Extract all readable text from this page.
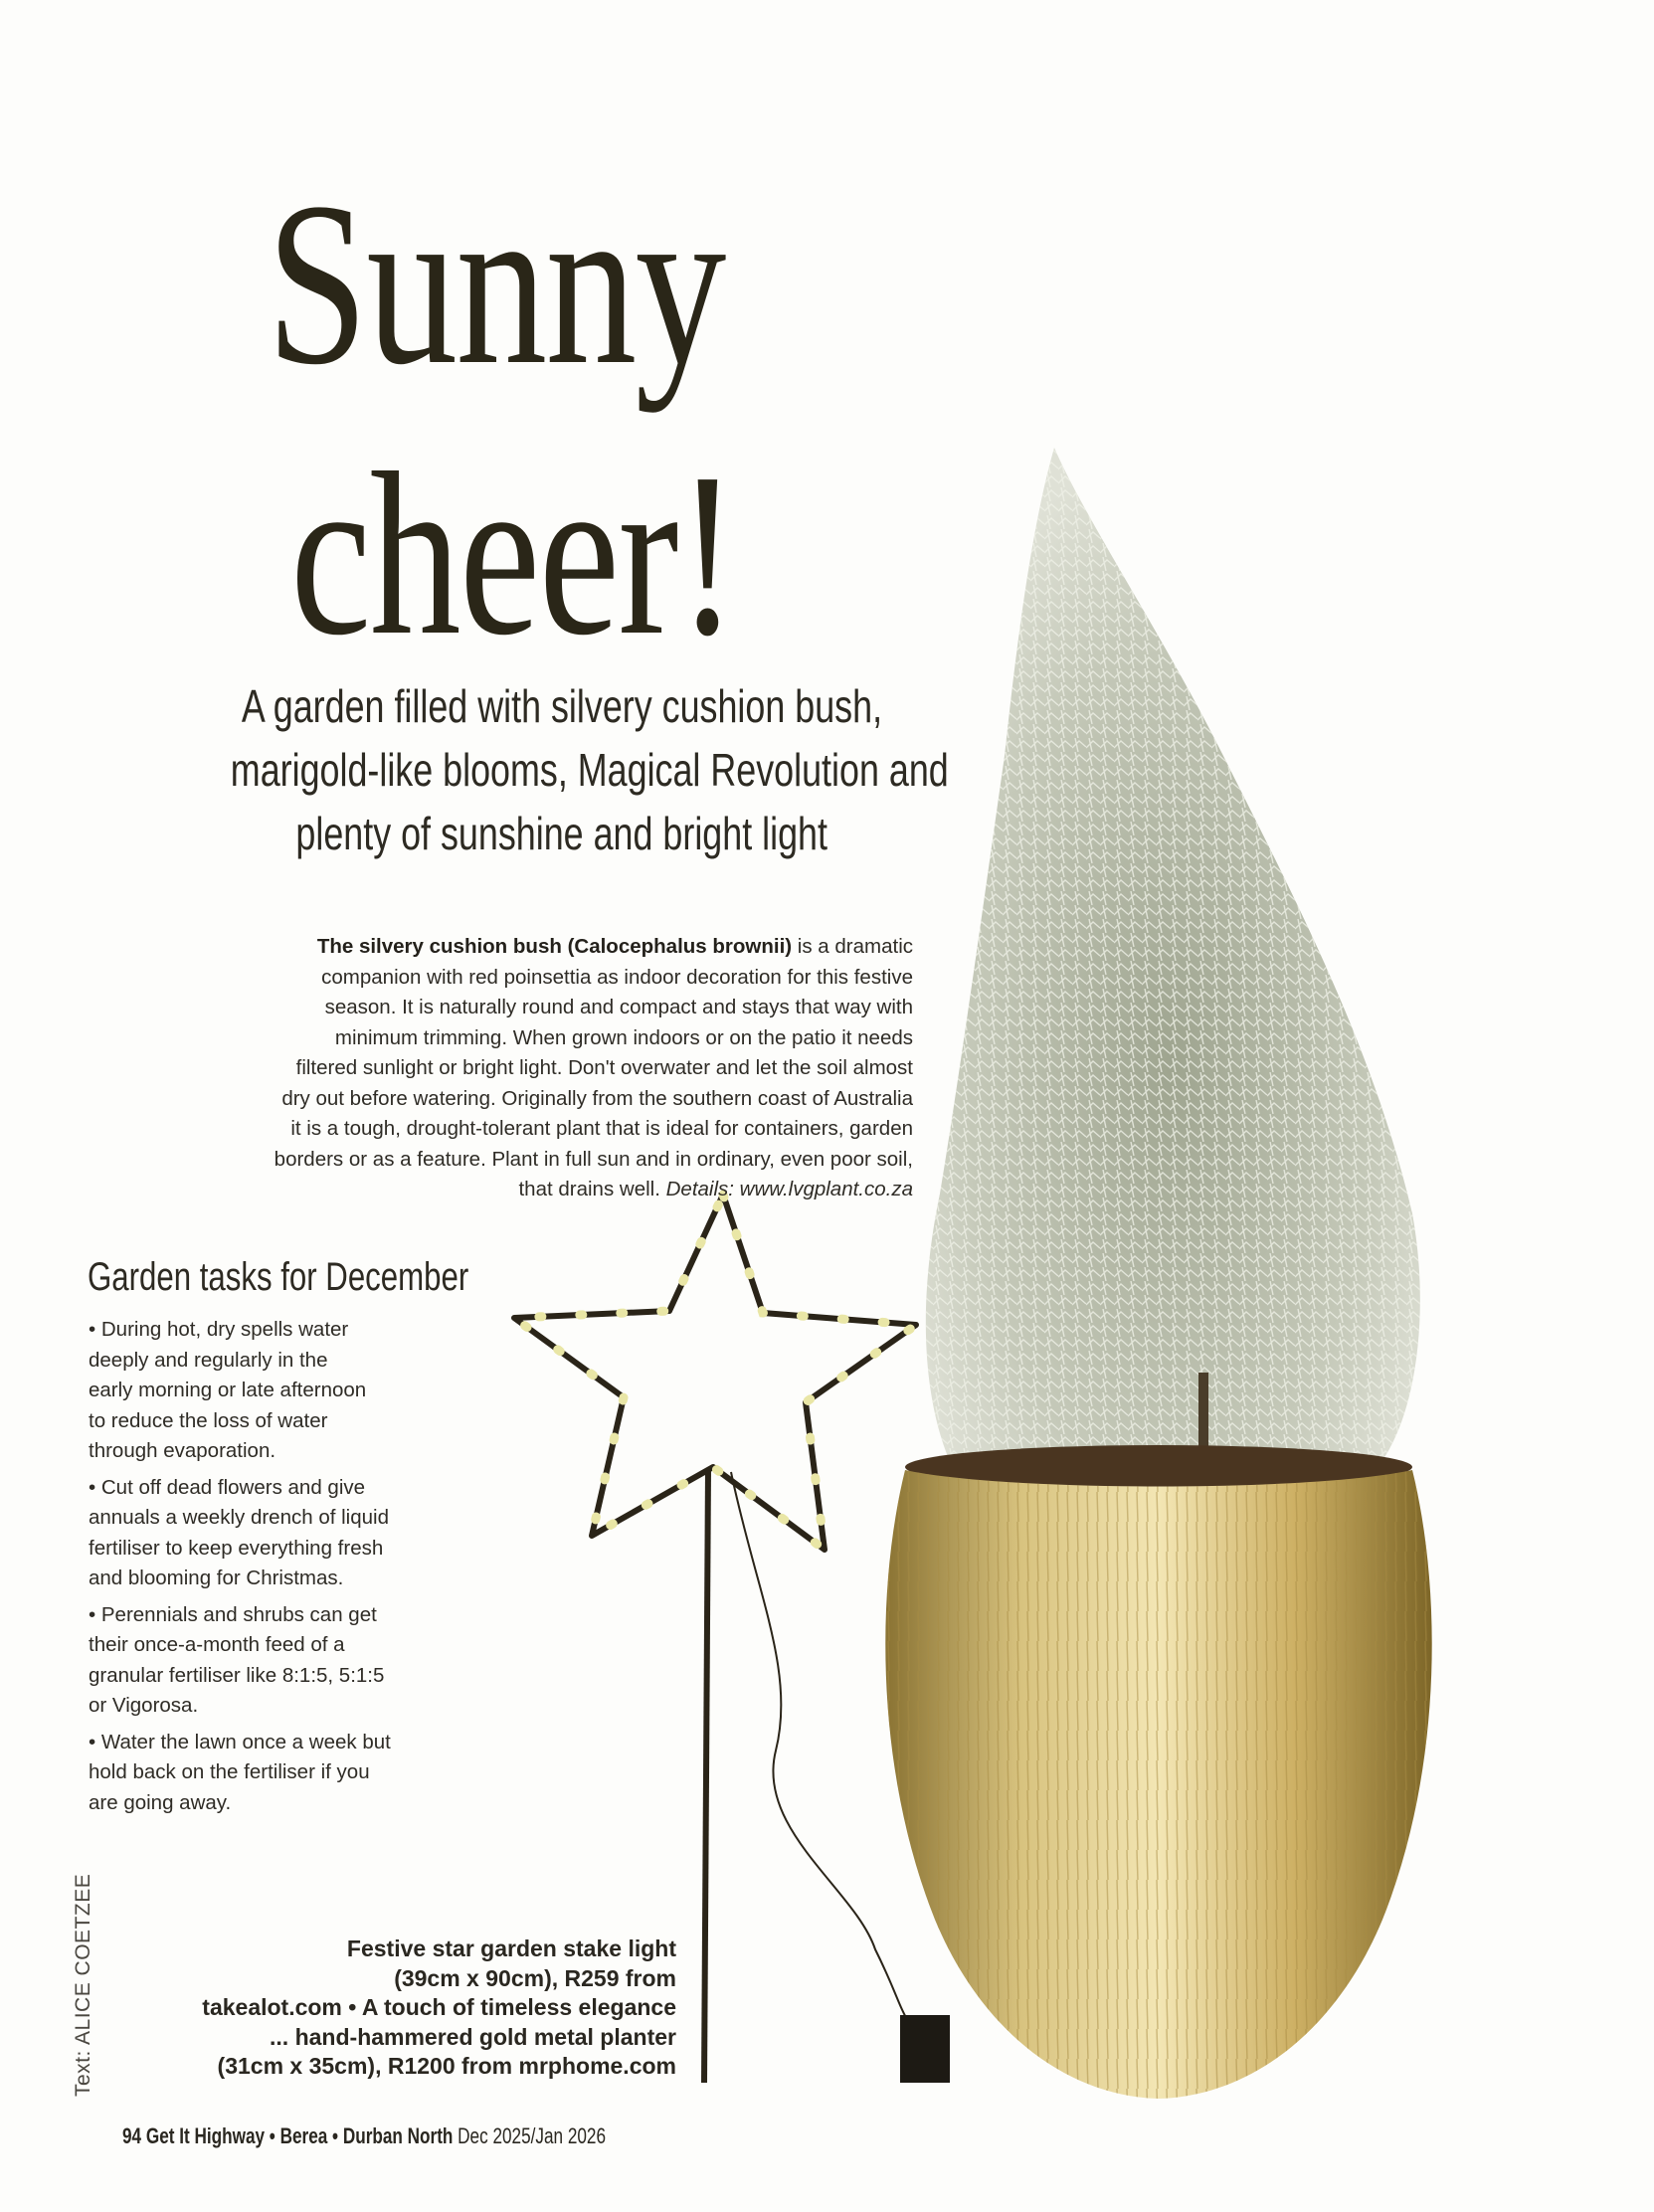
Sunny
cheer!
A garden filled with silvery cushion bush,
marigold-like blooms, Magical Revolution and
plenty of sunshine and bright light
The silvery cushion bush (Calocephalus brownii) is a dramatic
companion with red poinsettia as indoor decoration for this festive
season. It is naturally round and compact and stays that way with
minimum trimming. When grown indoors or on the patio it needs
filtered sunlight or bright light. Don't overwater and let the soil almost
dry out before watering. Originally from the southern coast of Australia
it is a tough, drought-tolerant plant that is ideal for containers, garden
borders or as a feature. Plant in full sun and in ordinary, even poor soil,
that drains well. Details: www.lvgplant.co.za
Garden tasks for December

• During hot, dry spells water
deeply and regularly in the
early morning or late afternoon
to reduce the loss of water
through evaporation.

• Cut off dead flowers and give
annuals a weekly drench of liquid
fertiliser to keep everything fresh
and blooming for Christmas.

• Perennials and shrubs can get
their once-a-month feed of a
granular fertiliser like 8:1:5, 5:1:5
or Vigorosa.

• Water the lawn once a week but
hold back on the fertiliser if you
are going away.

Festive star garden stake light
(39cm x 90cm), R259 from
takealot.com • A touch of timeless elegance
... hand-hammered gold metal planter
(31cm x 35cm), R1200 from mrphome.com
Text: ALICE COETZEE
94 Get It Highway • Berea • Durban North Dec 2025/Jan 2026
